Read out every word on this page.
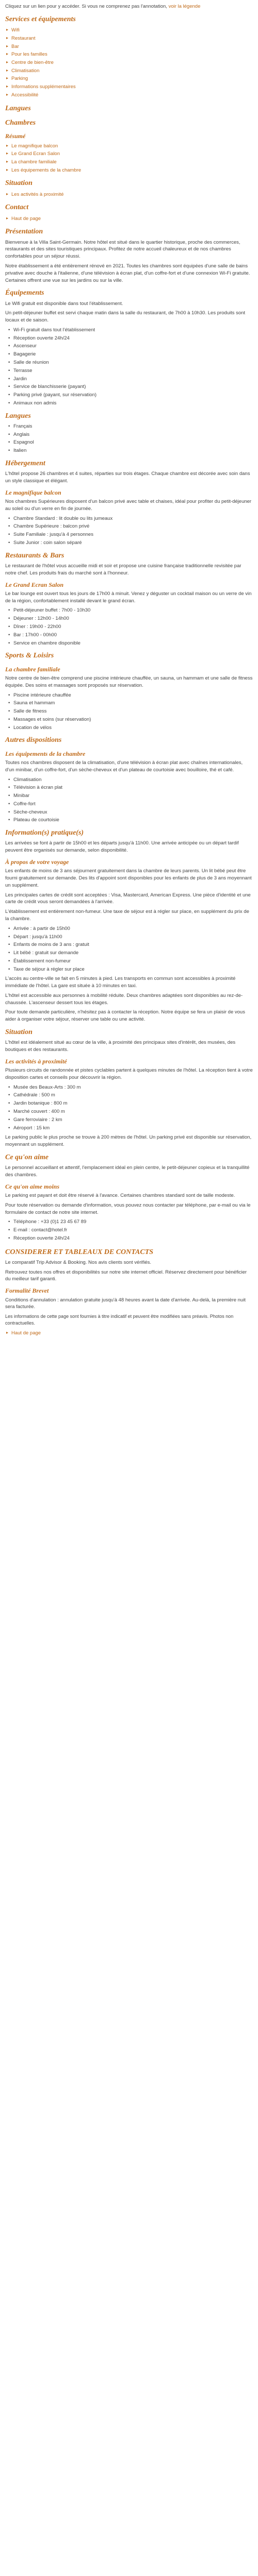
Cliquez sur un lien pour y accéder. Si vous ne comprenez pas l'annotation, voir la légende

Services et équipements
▸ Wifi
▸ Restaurant
▸ Bar
▸ Pour les familles
▸ Centre de bien-être
▸ Climatisation
▸ Parking
▸ Informations supplémentaires
▸ Accessibilité
Langues
Chambres
Résumé
▸ Le magnifique balcon
▸ Le Grand Ecran Salon
▸ La chambre familiale
▸ Les équipements de la chambre
Situation
▸ Les activités à proximité
Contact
▸ Haut de page
Présentation

Bienvenue à la Villa Saint-Germain. Notre hôtel est situé dans le quartier historique, proche des commerces, restaurants et des sites touristiques principaux. Profitez de notre accueil chaleureux et de nos chambres confortables pour un séjour réussi.

Notre établissement a été entièrement rénové en 2021. Toutes les chambres sont équipées d'une salle de bains privative avec douche à l'italienne, d'une télévision à écran plat, d'un coffre-fort et d'une connexion Wi-Fi gratuite. Certaines offrent une vue sur les jardins ou sur la ville.

Équipements

Le Wifi gratuit est disponible dans tout l'établissement.

Un petit-déjeuner buffet est servi chaque matin dans la salle du restaurant, de 7h00 à 10h30. Les produits sont locaux et de saison.

• Wi-Fi gratuit dans tout l'établissement
• Réception ouverte 24h/24
• Ascenseur
• Bagagerie
• Salle de réunion
• Terrasse
• Jardin
• Service de blanchisserie (payant)
• Parking privé (payant, sur réservation)
• Animaux non admis
Langues
• Français
• Anglais
• Espagnol
• Italien
Hébergement

L'hôtel propose 26 chambres et 4 suites, réparties sur trois étages. Chaque chambre est décorée avec soin dans un style classique et élégant.

Le magnifique balcon

Nos chambres Supérieures disposent d'un balcon privé avec table et chaises, idéal pour profiter du petit-déjeuner au soleil ou d'un verre en fin de journée.

• Chambre Standard : lit double ou lits jumeaux
• Chambre Supérieure : balcon privé
• Suite Familiale : jusqu'à 4 personnes
• Suite Junior : coin salon séparé
Restaurants & Bars

Le restaurant de l'hôtel vous accueille midi et soir et propose une cuisine française traditionnelle revisitée par notre chef. Les produits frais du marché sont à l'honneur.

Le Grand Ecran Salon

Le bar lounge est ouvert tous les jours de 17h00 à minuit. Venez y déguster un cocktail maison ou un verre de vin de la région, confortablement installé devant le grand écran.

• Petit-déjeuner buffet : 7h00 - 10h30
• Déjeuner : 12h00 - 14h00
• Dîner : 19h00 - 22h00
• Bar : 17h00 - 00h00
• Service en chambre disponible
Sports & Loisirs
La chambre familiale

Notre centre de bien-être comprend une piscine intérieure chauffée, un sauna, un hammam et une salle de fitness équipée. Des soins et massages sont proposés sur réservation.

• Piscine intérieure chauffée
• Sauna et hammam
• Salle de fitness
• Massages et soins (sur réservation)
• Location de vélos
Autres dispositions
Les équipements de la chambre

Toutes nos chambres disposent de la climatisation, d'une télévision à écran plat avec chaînes internationales, d'un minibar, d'un coffre-fort, d'un sèche-cheveux et d'un plateau de courtoisie avec bouilloire, thé et café.

• Climatisation
• Télévision à écran plat
• Minibar
• Coffre-fort
• Sèche-cheveux
• Plateau de courtoisie
Information(s) pratique(s)

Les arrivées se font à partir de 15h00 et les départs jusqu'à 11h00. Une arrivée anticipée ou un départ tardif peuvent être organisés sur demande, selon disponibilité.

À propos de votre voyage

Les enfants de moins de 3 ans séjournent gratuitement dans la chambre de leurs parents. Un lit bébé peut être fourni gratuitement sur demande. Des lits d'appoint sont disponibles pour les enfants de plus de 3 ans moyennant un supplément.

Les principales cartes de crédit sont acceptées : Visa, Mastercard, American Express. Une pièce d'identité et une carte de crédit vous seront demandées à l'arrivée.

L'établissement est entièrement non-fumeur. Une taxe de séjour est à régler sur place, en supplément du prix de la chambre.

• Arrivée : à partir de 15h00
• Départ : jusqu'à 11h00
• Enfants de moins de 3 ans : gratuit
• Lit bébé : gratuit sur demande
• Établissement non-fumeur
• Taxe de séjour à régler sur place

L'accès au centre-ville se fait en 5 minutes à pied. Les transports en commun sont accessibles à proximité immédiate de l'hôtel. La gare est située à 10 minutes en taxi.

L'hôtel est accessible aux personnes à mobilité réduite. Deux chambres adaptées sont disponibles au rez-de-chaussée. L'ascenseur dessert tous les étages.

Pour toute demande particulière, n'hésitez pas à contacter la réception. Notre équipe se fera un plaisir de vous aider à organiser votre séjour, réserver une table ou une activité.

Situation

L'hôtel est idéalement situé au cœur de la ville, à proximité des principaux sites d'intérêt, des musées, des boutiques et des restaurants.

Les activités à proximité

Plusieurs circuits de randonnée et pistes cyclables partent à quelques minutes de l'hôtel. La réception tient à votre disposition cartes et conseils pour découvrir la région.

• Musée des Beaux-Arts : 300 m
• Cathédrale : 500 m
• Jardin botanique : 800 m
• Marché couvert : 400 m
• Gare ferroviaire : 2 km
• Aéroport : 15 km

Le parking public le plus proche se trouve à 200 mètres de l'hôtel. Un parking privé est disponible sur réservation, moyennant un supplément.

Ce qu'on aime

Le personnel accueillant et attentif, l'emplacement idéal en plein centre, le petit-déjeuner copieux et la tranquillité des chambres.

Ce qu'on aime moins

Le parking est payant et doit être réservé à l'avance. Certaines chambres standard sont de taille modeste.

Pour toute réservation ou demande d'information, vous pouvez nous contacter par téléphone, par e-mail ou via le formulaire de contact de notre site internet.

• Téléphone : +33 (0)1 23 45 67 89
• E-mail : contact@hotel.fr
• Réception ouverte 24h/24
CONSIDERER ET TABLEAUX DE CONTACTS

Le comparatif Trip Advisor & Booking. Nos avis clients sont vérifiés.

Retrouvez toutes nos offres et disponibilités sur notre site internet officiel. Réservez directement pour bénéficier du meilleur tarif garanti.

Formalité Brevet

Conditions d'annulation : annulation gratuite jusqu'à 48 heures avant la date d'arrivée. Au-delà, la première nuit sera facturée.

Les informations de cette page sont fournies à titre indicatif et peuvent être modifiées sans préavis. Photos non contractuelles.

▸ Haut de page
